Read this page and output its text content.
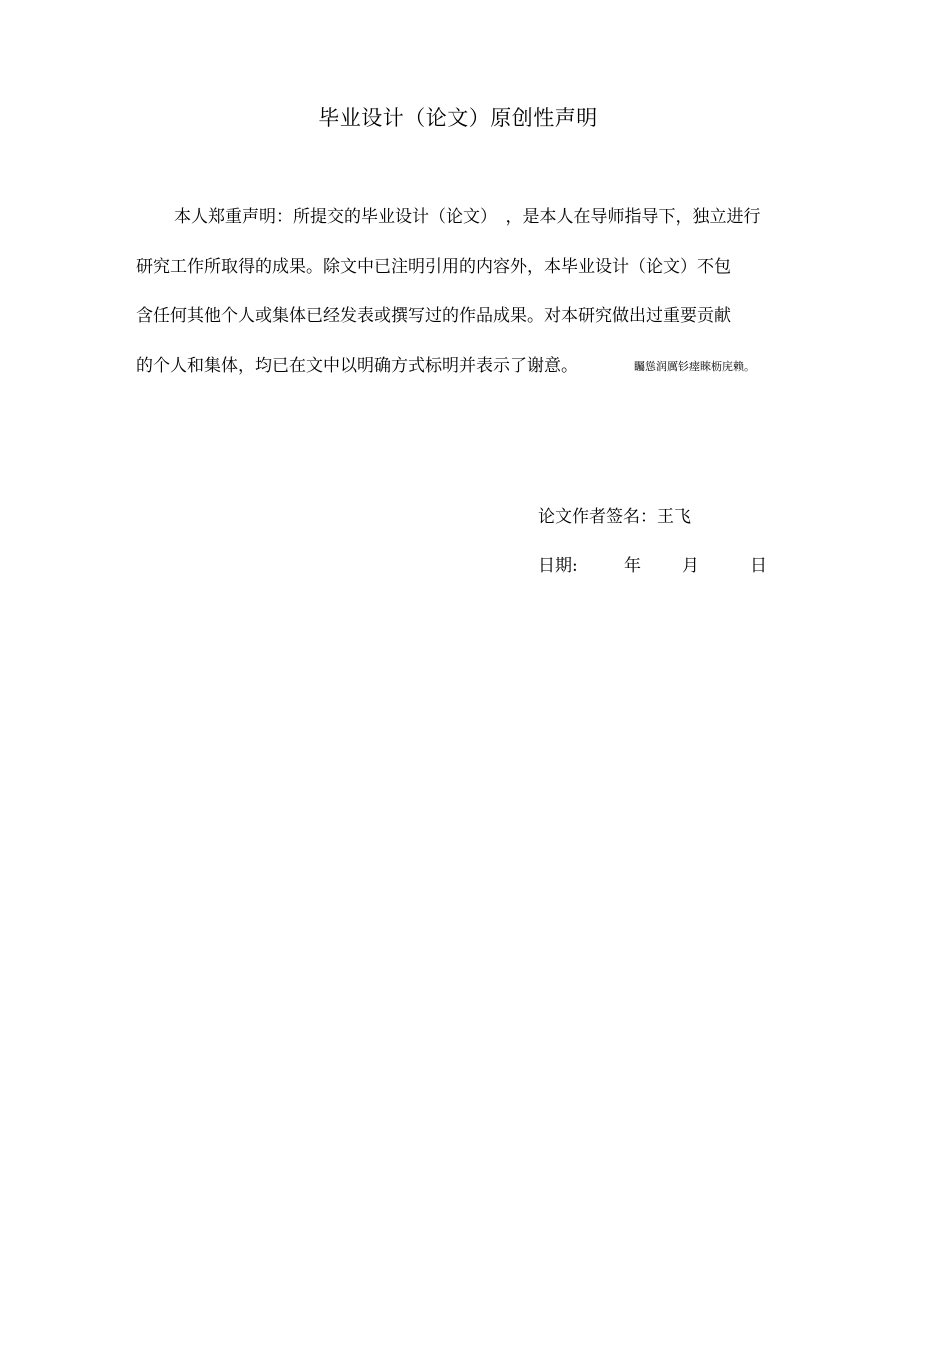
毕业设计（论文）原创性声明
本人郑重声明：所提交的毕业设计（论文）　，是本人在导师指导下，独立进行
研究工作所取得的成果。除文中已注明引用的内容外，本毕业设计（论文）不包
含任何其他个人或集体已经发表或撰写过的作品成果。对本研究做出过重要贡献
的个人和集体，均已在文中以明确方式标明并表示了谢意。	矚慫润厲钐瘗睞枥庑赖。
论文作者签名：王飞
日期:	年 月	日
